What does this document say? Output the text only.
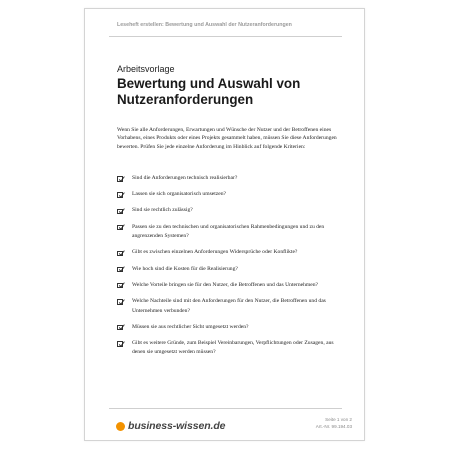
Leseheft erstellen: Bewertung und Auswahl der Nutzeranforderungen
Arbeitsvorlage
Bewertung und Auswahl von Nutzeranforderungen

Wenn Sie alle Anforderungen, Erwartungen und Wünsche der Nutzer und der Betroffenen eines Vorhabens, eines Produkts oder eines Projekts gesammelt haben, müssen Sie diese Anforderungen bewerten. Prüfen Sie jede einzelne Anforderung im Hinblick auf folgende Kriterien:

Sind die Anforderungen technisch realisierbar?
Lassen sie sich organisatorisch umsetzen?
Sind sie rechtlich zulässig?
Passen sie zu den technischen und organisatorischen Rahmenbedingungen und zu den angrenzenden Systemen?
Gibt es zwischen einzelnen Anforderungen Widersprüche oder Konflikte?
Wie hoch sind die Kosten für die Realisierung?
Welche Vorteile bringen sie für den Nutzer, die Betroffenen und das Unternehmen?
Welche Nachteile sind mit den Anforderungen für den Nutzer, die Betroffenen und das Unternehmen verbunden?
Müssen sie aus rechtlicher Sicht umgesetzt werden?
Gibt es weitere Gründe, zum Beispiel Vereinbarungen, Verpflichtungen oder Zusagen, aus denen sie umgesetzt werden müssen?
business-wissen.de
Seite 1 von 2
Art.-Nr. 99.194.03
